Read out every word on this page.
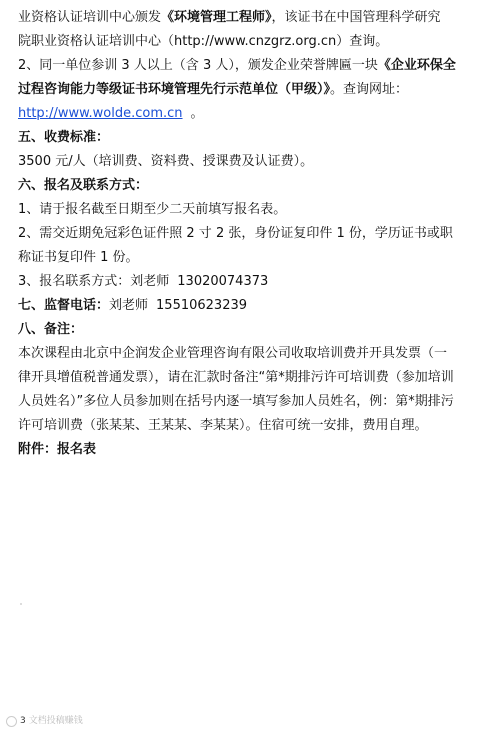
业资格认证培训中心颁发《环境管理工程师》，该证书在中国管理科学研究
院职业资格认证培训中心（http://www.cnzgrz.org.cn）查询。
2、同一单位参训 3 人以上（含 3 人），颁发企业荣誉牌匾一块《企业环保全
过程咨询能力等级证书环境管理先行示范单位（甲级）》。查询网址：
http://www.wolde.com.cn 。
五、收费标准：
3500 元/人（培训费、资料费、授课费及认证费）。
六、报名及联系方式：
1、请于报名截至日期至少二天前填写报名表。
2、需交近期免冠彩色证件照 2 寸 2 张，身份证复印件 1 份，学历证书或职
称证书复印件 1 份。
3、报名联系方式：刘老师 13020074373
七、监督电话：刘老师 15510623239
八、备注：
本次课程由北京中企润发企业管理咨询有限公司收取培训费并开具发票（一
律开具增值税普通发票），请在汇款时备注“第*期排污许可培训费（参加培训
人员姓名）”多位人员参加则在括号内逐一填写参加人员姓名，例：第*期排污
许可培训费（张某某、王某某、李某某）。住宿可统一安排，费用自理。
附件：报名表
3 文档投稿赚钱
